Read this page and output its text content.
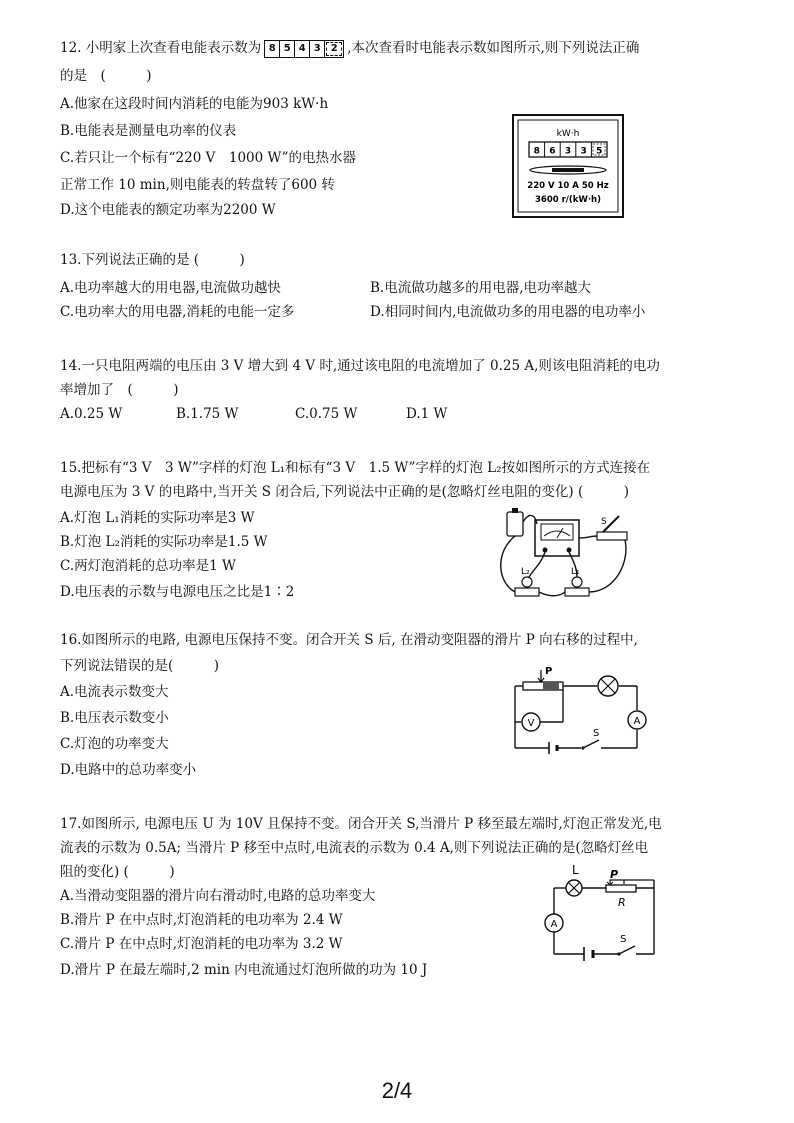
12. 小明家上次查看电能表示数为 8 5 4 3	2 ,本次查看时电能表示数如图所示,则下列说法正确
的是　(　　　)
A.他家在这段时间内消耗的电能为903 kW·h
B.电能表是测量电功率的仪表
C.若只让一个标有“220 V　1000 W”的电热水器
正常工作 10 min,则电能表的转盘转了600 转
D.这个电能表的额定功率为2200 W
kW·h
8 6 3 3 5
220 V 10 A 50 Hz
3600 r/(kW·h)
13.下列说法正确的是 (　　　)
A.电功率越大的用电器,电流做功越快	B.电流做功越多的用电器,电功率越大
C.电功率大的用电器,消耗的电能一定多	D.相同时间内,电流做功多的用电器的电功率小
14.一只电阻两端的电压由 3 V 增大到 4 V 时,通过该电阻的电流增加了 0.25 A,则该电阻消耗的电功
率增加了　(　　　)
A.0.25 W	B.1.75 W	C.0.75 W	D.1 W
15.把标有“3 V　3 W”字样的灯泡 L₁和标有“3 V　1.5 W”字样的灯泡 L₂按如图所示的方式连接在
电源电压为 3 V 的电路中,当开关 S 闭合后,下列说法中正确的是(忽略灯丝电阻的变化) (　　　)
A.灯泡 L₁消耗的实际功率是3 W
B.灯泡 L₂消耗的实际功率是1.5 W
C.两灯泡消耗的总功率是1 W
D.电压表的示数与电源电压之比是1∶2
S
L₂	L₁
16.如图所示的电路, 电源电压保持不变。闭合开关 S 后, 在滑动变阻器的滑片 P 向右移的过程中,
下列说法错误的是(　　　)
A.电流表示数变大
B.电压表示数变小
C.灯泡的功率变大
D.电路中的总功率变小
P
A
V
S
17.如图所示, 电源电压 U 为 10V 且保持不变。闭合开关 S,当滑片 P 移至最左端时,灯泡正常发光,电
流表的示数为 0.5A; 当滑片 P 移至中点时,电流表的示数为 0.4 A,则下列说法正确的是(忽略灯丝电
阻的变化) (　　　)
A.当滑动变阻器的滑片向右滑动时,电路的总功率变大
B.滑片 P 在中点时,灯泡消耗的电功率为 2.4 W
C.滑片 P 在中点时,灯泡消耗的电功率为 3.2 W
D.滑片 P 在最左端时,2 min 内电流通过灯泡所做的功为 10 J
L	P
R
A
S
2/4
